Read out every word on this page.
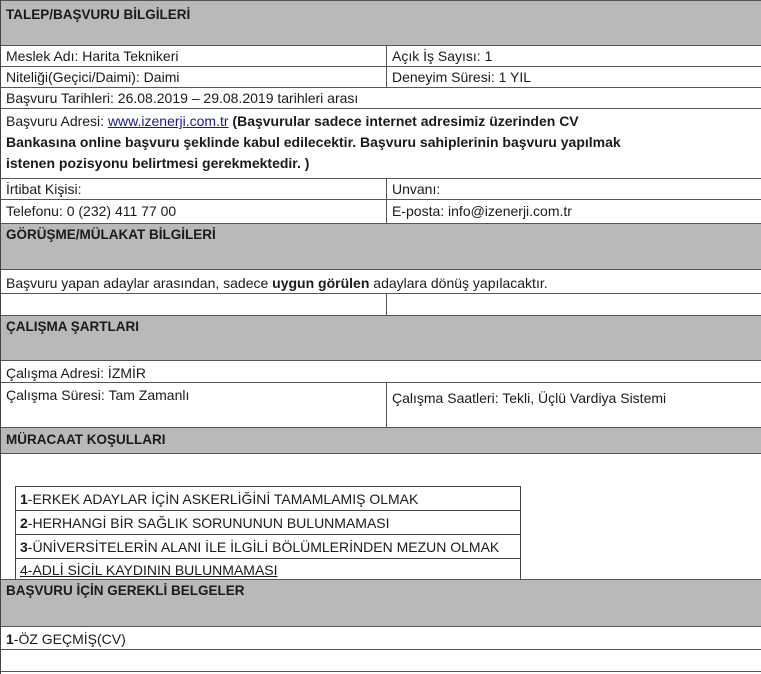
TALEP/BAŞVURU BİLGİLERİ
Meslek Adı: Harita Teknikeri	Açık İş Sayısı: 1
Niteliği(Geçici/Daimi): Daimi	Deneyim Süresi: 1 YIL
Başvuru Tarihleri: 26.08.2019 – 29.08.2019 tarihleri arası
Başvuru Adresi: www.izenerji.com.tr (Başvurular sadece internet adresimiz üzerinden CV
Bankasına online başvuru şeklinde kabul edilecektir. Başvuru sahiplerinin başvuru yapılmak
istenen pozisyonu belirtmesi gerekmektedir. )
İrtibat Kişisi:	Unvanı:
Telefonu: 0 (232) 411 77 00	E-posta: info@izenerji.com.tr
GÖRÜŞME/MÜLAKAT BİLGİLERİ
Başvuru yapan adaylar arasından, sadece uygun görülen adaylara dönüş yapılacaktır.
ÇALIŞMA ŞARTLARI
Çalışma Adresi: İZMİR
Çalışma Süresi: Tam Zamanlı	Çalışma Saatleri: Tekli, Üçlü Vardiya Sistemi
MÜRACAAT KOŞULLARI
1-ERKEK ADAYLAR İÇİN ASKERLİĞİNİ TAMAMLAMIŞ OLMAK
2-HERHANGİ BİR SAĞLIK SORUNUNUN BULUNMAMASI
3-ÜNİVERSİTELERİN ALANI İLE İLGİLİ BÖLÜMLERİNDEN MEZUN OLMAK
4-ADLİ SİCİL KAYDININ BULUNMAMASI
BAŞVURU İÇİN GEREKLİ BELGELER
1-ÖZ GEÇMİŞ(CV)
